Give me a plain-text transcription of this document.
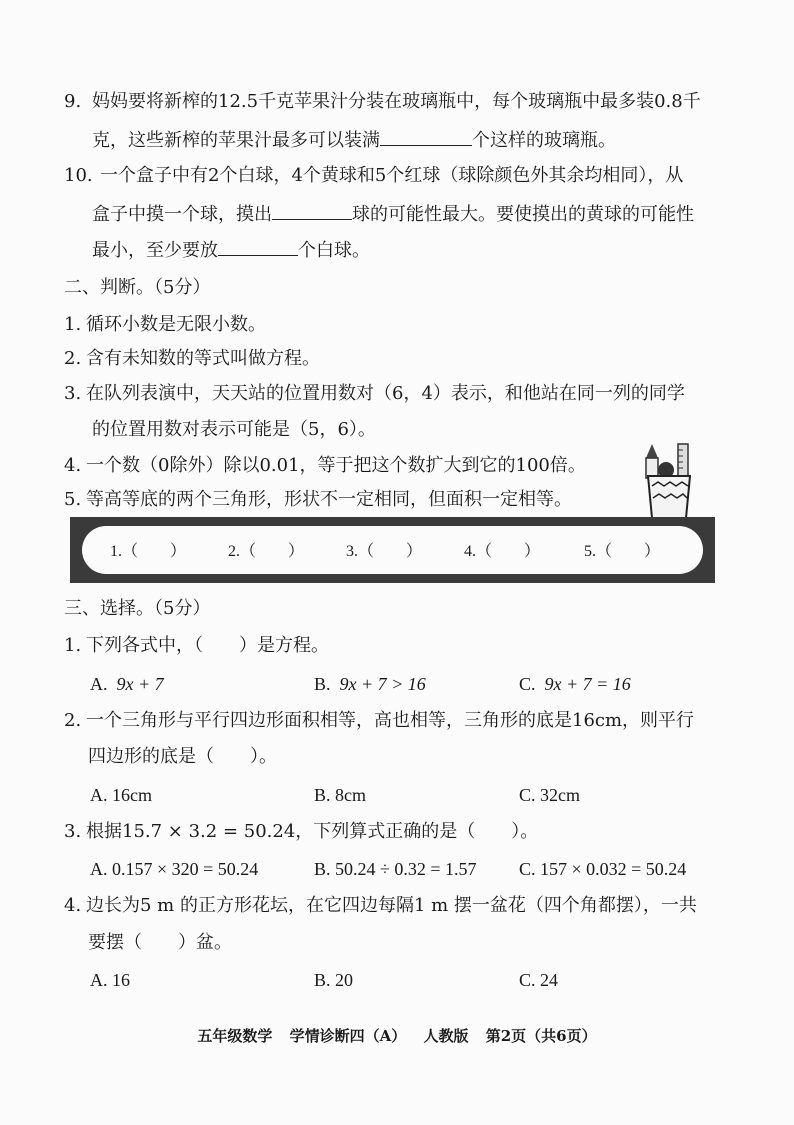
9. 妈妈要将新榨的12.5千克苹果汁分装在玻璃瓶中，每个玻璃瓶中最多装0.8千
克，这些新榨的苹果汁最多可以装满	个这样的玻璃瓶。
10. 一个盒子中有2个白球，4个黄球和5个红球（球除颜色外其余均相同），从
盒子中摸一个球，摸出	球的可能性最大。要使摸出的黄球的可能性
最小，至少要放	个白球。
二、判断。（5分）
1. 循环小数是无限小数。
2. 含有未知数的等式叫做方程。
3. 在队列表演中，天天站的位置用数对（6，4）表示，和他站在同一列的同学
的位置用数对表示可能是（5，6）。
4. 一个数（0除外）除以0.01，等于把这个数扩大到它的100倍。
5. 等高等底的两个三角形，形状不一定相同，但面积一定相等。
1.（　　）	2.（　　）	3.（　　）	4.（　　）	5.（　　）
三、选择。（5分）
1. 下列各式中，（　　）是方程。
A. 9x + 7	B. 9x + 7 > 16	C. 9x + 7 = 16
2. 一个三角形与平行四边形面积相等，高也相等，三角形的底是16cm，则平行
四边形的底是（　　）。
A. 16cm	B. 8cm	C. 32cm
3. 根据15.7 × 3.2 = 50.24，下列算式正确的是（　　）。
A. 0.157 × 320 = 50.24	B. 50.24 ÷ 0.32 = 1.57 C. 157 × 0.032 = 50.24
4. 边长为5 m 的正方形花坛，在它四边每隔1 m 摆一盆花（四个角都摆），一共
要摆（　　）盆。
A. 16	B. 20	C. 24
五年级数学 学情诊断四（A） 人教版 第2页（共6页）
